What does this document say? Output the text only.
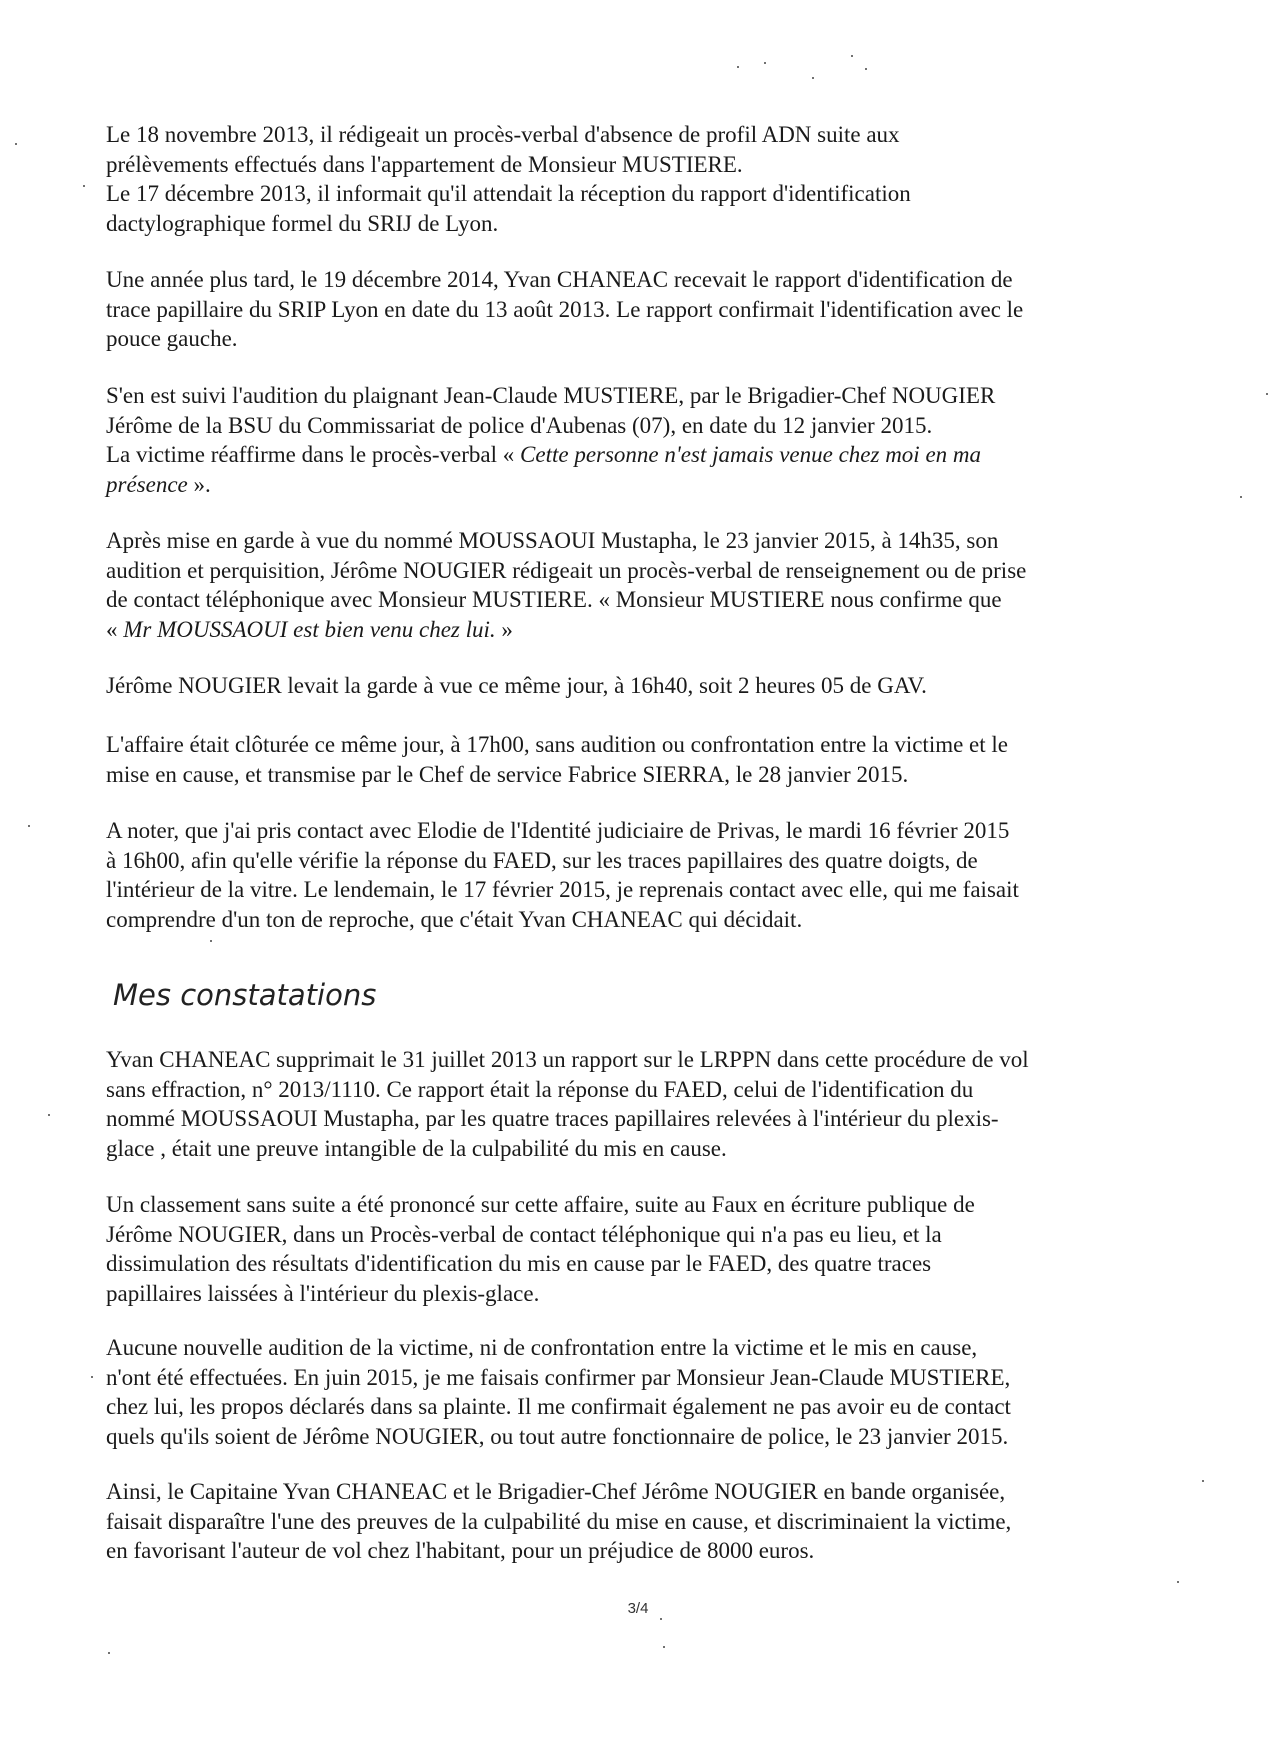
Le 18 novembre 2013, il rédigeait un procès-verbal d'absence de profil ADN suite aux
prélèvements effectués dans l'appartement de Monsieur MUSTIERE.
Le 17 décembre 2013, il informait qu'il attendait la réception du rapport d'identification
dactylographique formel du SRIJ de Lyon.

Une année plus tard, le 19 décembre 2014, Yvan CHANEAC recevait le rapport d'identification de
trace papillaire du SRIP Lyon en date du 13 août 2013. Le rapport confirmait l'identification avec le
pouce gauche.

S'en est suivi l'audition du plaignant Jean-Claude MUSTIERE, par le Brigadier-Chef NOUGIER
Jérôme de la BSU du Commissariat de police d'Aubenas (07), en date du 12 janvier 2015.
La victime réaffirme dans le procès-verbal « Cette personne n'est jamais venue chez moi en ma
présence ».

Après mise en garde à vue du nommé MOUSSAOUI Mustapha, le 23 janvier 2015, à 14h35, son
audition et perquisition, Jérôme NOUGIER rédigeait un procès-verbal de renseignement ou de prise
de contact téléphonique avec Monsieur MUSTIERE. « Monsieur MUSTIERE nous confirme que
« Mr MOUSSAOUI est bien venu chez lui. »

Jérôme NOUGIER levait la garde à vue ce même jour, à 16h40, soit 2 heures 05 de GAV.

L'affaire était clôturée ce même jour, à 17h00, sans audition ou confrontation entre la victime et le
mise en cause, et transmise par le Chef de service Fabrice SIERRA, le 28 janvier 2015.

A noter, que j'ai pris contact avec Elodie de l'Identité judiciaire de Privas, le mardi 16 février 2015
à 16h00, afin qu'elle vérifie la réponse du FAED, sur les traces papillaires des quatre doigts, de
l'intérieur de la vitre. Le lendemain, le 17 février 2015, je reprenais contact avec elle, qui me faisait
comprendre d'un ton de reproche, que c'était Yvan CHANEAC qui décidait.

Mes constatations

Yvan CHANEAC supprimait le 31 juillet 2013 un rapport sur le LRPPN dans cette procédure de vol
sans effraction, n° 2013/1110. Ce rapport était la réponse du FAED, celui de l'identification du
nommé MOUSSAOUI Mustapha, par les quatre traces papillaires relevées à l'intérieur du plexis-
glace , était une preuve intangible de la culpabilité du mis en cause.

Un classement sans suite a été prononcé sur cette affaire, suite au Faux en écriture publique de
Jérôme NOUGIER, dans un Procès-verbal de contact téléphonique qui n'a pas eu lieu, et la
dissimulation des résultats d'identification du mis en cause par le FAED, des quatre traces
papillaires laissées à l'intérieur du plexis-glace.

Aucune nouvelle audition de la victime, ni de confrontation entre la victime et le mis en cause,
n'ont été effectuées. En juin 2015, je me faisais confirmer par Monsieur Jean-Claude MUSTIERE,
chez lui, les propos déclarés dans sa plainte. Il me confirmait également ne pas avoir eu de contact
quels qu'ils soient de Jérôme NOUGIER, ou tout autre fonctionnaire de police, le 23 janvier 2015.

Ainsi, le Capitaine Yvan CHANEAC et le Brigadier-Chef Jérôme NOUGIER en bande organisée,
faisait disparaître l'une des preuves de la culpabilité du mise en cause, et discriminaient la victime,
en favorisant l'auteur de vol chez l'habitant, pour un préjudice de 8000 euros.

3/4
